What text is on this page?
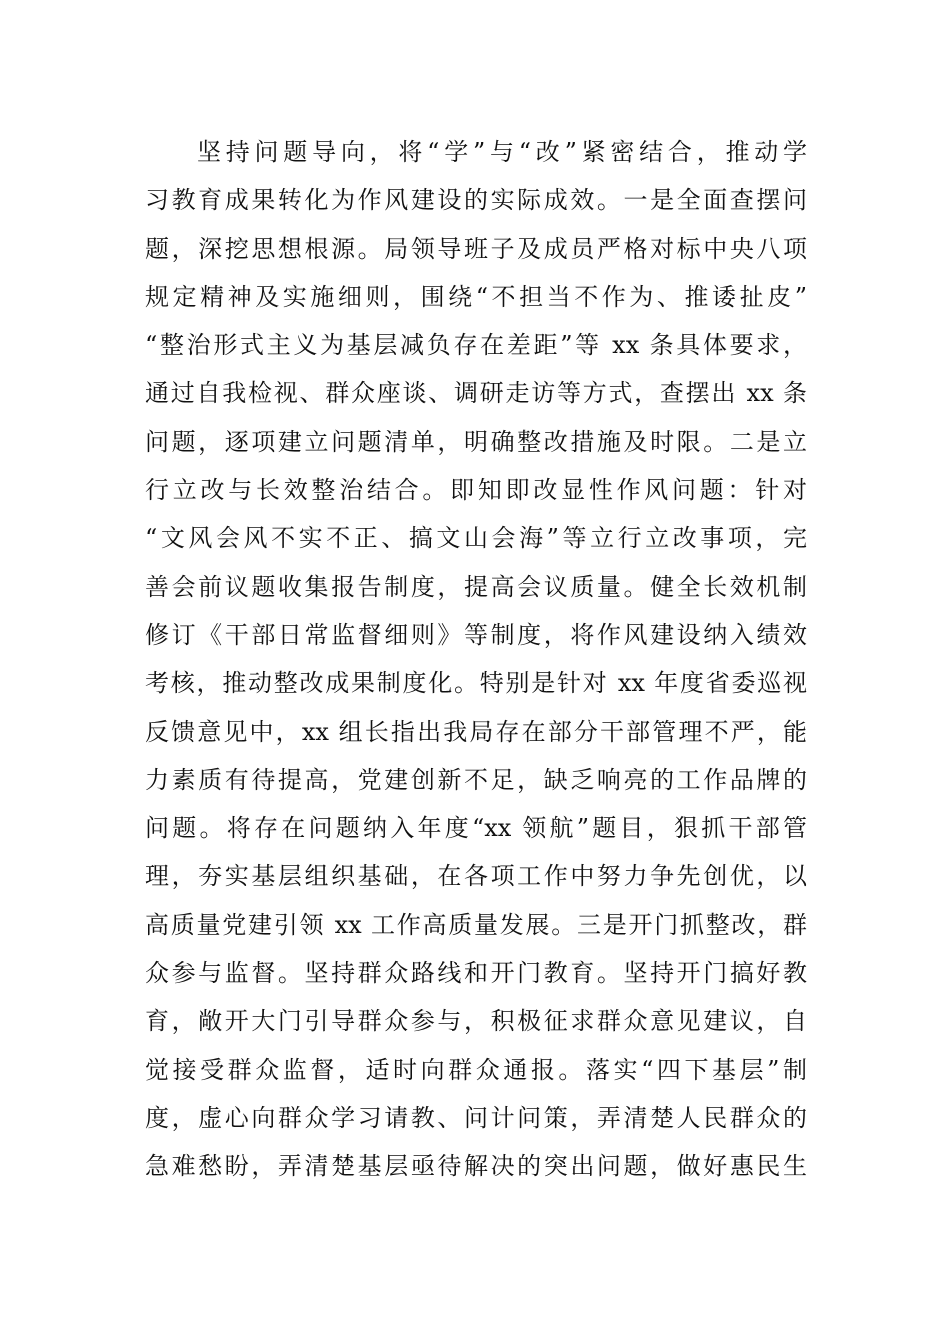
坚持问题导向，将“学”与“改”紧密结合，推动学
习教育成果转化为作风建设的实际成效。一是全面查摆问
题，深挖思想根源。局领导班子及成员严格对标中央八项
规定精神及实施细则，围绕“不担当不作为、推诿扯皮”
“整治形式主义为基层减负存在差距”等 xx 条具体要求，
通过自我检视、群众座谈、调研走访等方式，查摆出 xx 条
问题，逐项建立问题清单，明确整改措施及时限。二是立
行立改与长效整治结合。即知即改显性作风问题：针对
“文风会风不实不正、搞文山会海”等立行立改事项，完
善会前议题收集报告制度，提高会议质量。健全长效机制
修订《干部日常监督细则》等制度，将作风建设纳入绩效
考核，推动整改成果制度化。特别是针对 xx 年度省委巡视
反馈意见中，xx 组长指出我局存在部分干部管理不严，能
力素质有待提高，党建创新不足，缺乏响亮的工作品牌的
问题。将存在问题纳入年度“xx 领航”题目，狠抓干部管
理，夯实基层组织基础，在各项工作中努力争先创优，以
高质量党建引领 xx 工作高质量发展。三是开门抓整改，群
众参与监督。坚持群众路线和开门教育。坚持开门搞好教
育，敞开大门引导群众参与，积极征求群众意见建议，自
觉接受群众监督，适时向群众通报。落实“四下基层”制
度，虚心向群众学习请教、问计问策，弄清楚人民群众的
急难愁盼，弄清楚基层亟待解决的突出问题，做好惠民生
